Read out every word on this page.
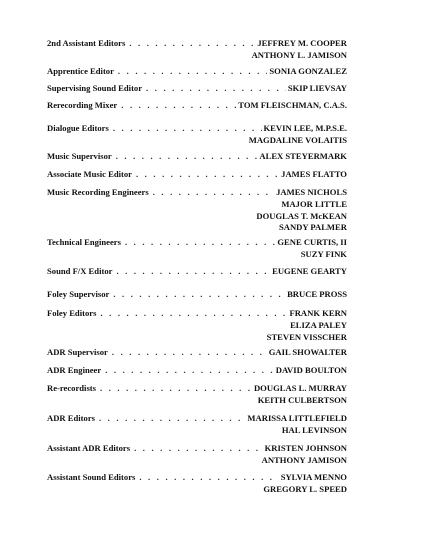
2nd Assistant Editors . . .	JEFFREY M. COOPER
ANTHONY L. JAMISON
Apprentice Editor . . .	SONIA GONZALEZ
Supervising Sound Editor . . .	SKIP LIEVSAY
Rerecording Mixer . . .	TOM FLEISCHMAN, C.A.S.
Dialogue Editors . . .	KEVIN LEE, M.P.S.E.
MAGDALINE VOLAITIS
Music Supervisor . . .	ALEX STEYERMARK
Associate Music Editor . . .	JAMES FLATTO
Music Recording Engineers . . .	JAMES NICHOLS
MAJOR LITTLE
DOUGLAS T. McKEAN
SANDY PALMER
Technical Engineers . . .	GENE CURTIS, II
SUZY FINK
Sound F/X Editor . . .	EUGENE GEARTY
Foley Supervisor . . .	BRUCE PROSS
Foley Editors . . .	FRANK KERN
ELIZA PALEY
STEVEN VISSCHER
ADR Supervisor . . .	GAIL SHOWALTER
ADR Engineer . . .	DAVID BOULTON
Re-recordists . . .	DOUGLAS L. MURRAY
KEITH CULBERTSON
ADR Editors . . .	MARISSA LITTLEFIELD
HAL LEVINSON
Assistant ADR Editors . . .	KRISTEN JOHNSON
ANTHONY JAMISON
Assistant Sound Editors . . .	SYLVIA MENNO
GREGORY L. SPEED
